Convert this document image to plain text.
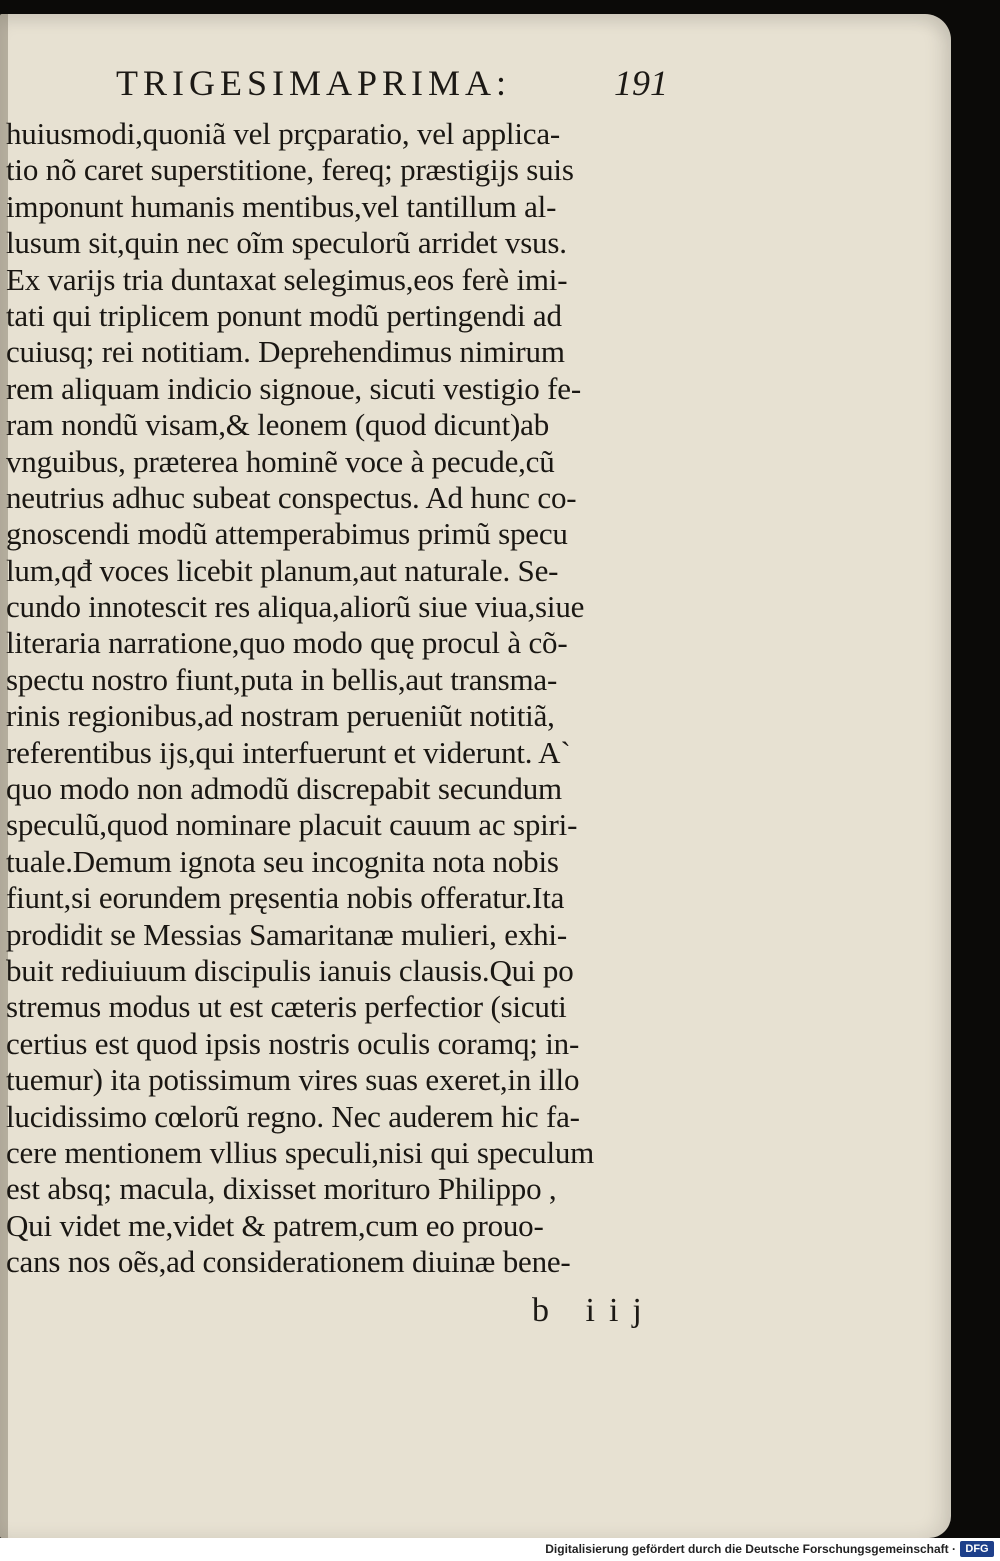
TRIGESIMAPRIMA:	191
huiusmodi,quoniã vel prçparatio, vel applica-
tio nõ caret superstitione, fereq; præstigijs suis
imponunt humanis mentibus,vel tantillum al-
lusum sit,quin nec oĩm speculorũ arridet vsus.
Ex varijs tria duntaxat selegimus,eos ferè imi-
tati qui triplicem ponunt modũ pertingendi ad
cuiusq; rei notitiam. Deprehendimus nimirum
rem aliquam indicio signoue, sicuti vestigio fe-
ram nondũ visam,& leonem (quod dicunt)ab
vnguibus, præterea hominẽ voce à pecude,cũ
neutrius adhuc subeat conspectus. Ad hunc co-
gnoscendi modũ attemperabimus primũ specu
lum,qđ voces licebit planum,aut naturale. Se-
cundo innotescit res aliqua,aliorũ siue viua,siue
literaria narratione,quo modo quę procul à cõ-
spectu nostro fiunt,puta in bellis,aut transma-
rinis regionibus,ad nostram perueniũt notitiã,
referentibus ĳs,qui interfuerunt et viderunt. A`
quo modo non admodũ discrepabit secundum
speculũ,quod nominare placuit cauum ac spiri-
tuale.Demum ignota seu incognita nota nobis
fiunt,si eorundem pręsentia nobis offeratur.Ita
prodidit se Messias Samaritanæ mulieri, exhi-
buit rediuiuum discipulis ianuis clausis.Qui po
stremus modus ut est cæteris perfectior (sicuti
certius est quod ipsis nostris oculis coramq; in-
tuemur) ita potissimum vires suas exeret,in illo
lucidissimo cœlorũ regno. Nec auderem hic fa-
cere mentionem vllius speculi,nisi qui speculum
est absq; macula, dixisset morituro Philippo ,
Qui videt me,videt & patrem,cum eo prouo-
cans nos oẽs,ad considerationem diuinæ bene-
b iij
Digitalisierung gefördert durch die Deutsche Forschungsgemeinschaft · DFG
